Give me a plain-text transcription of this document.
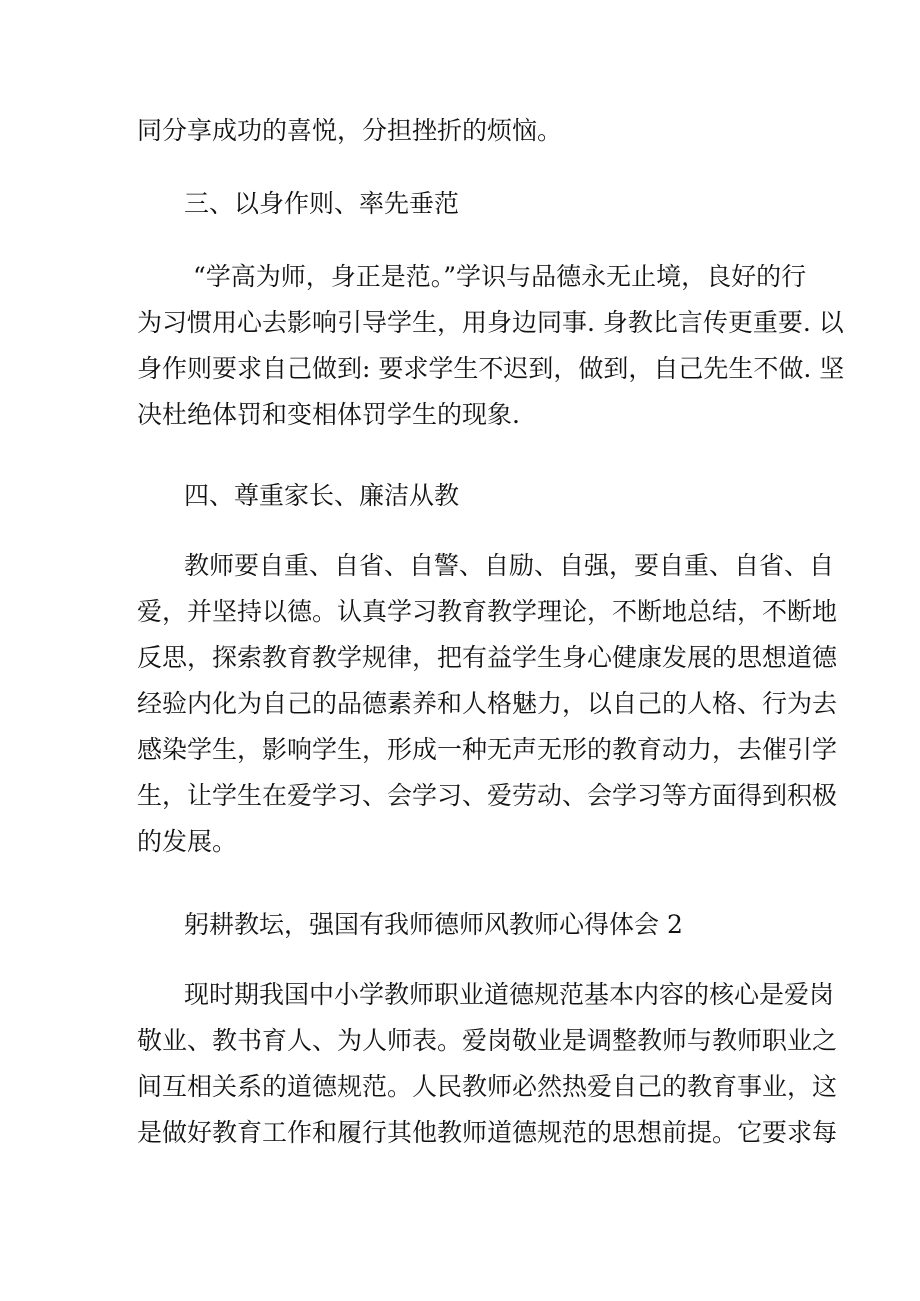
同分享成功的喜悦，分担挫折的烦恼。

三、以身作则、率先垂范

“学高为师，身正是范。”学识与品德永无止境，良好的行
为习惯用心去影响引导学生，用身边同事. 身教比言传更重要. 以
身作则要求自己做到: 要求学生不迟到，做到，自己先生不做. 坚
决杜绝体罚和变相体罚学生的现象.

四、尊重家长、廉洁从教

教师要自重、自省、自警、自励、自强，要自重、自省、自
爱，并坚持以德。认真学习教育教学理论，不断地总结，不断地
反思，探索教育教学规律，把有益学生身心健康发展的思想道德
经验内化为自己的品德素养和人格魅力，以自己的人格、行为去
感染学生，影响学生，形成一种无声无形的教育动力，去催引学
生，让学生在爱学习、会学习、爱劳动、会学习等方面得到积极
的发展。

躬耕教坛，强国有我师德师风教师心得体会 2

现时期我国中小学教师职业道德规范基本内容的核心是爱岗
敬业、教书育人、为人师表。爱岗敬业是调整教师与教师职业之
间互相关系的道德规范。人民教师必然热爱自己的教育事业，这
是做好教育工作和履行其他教师道德规范的思想前提。它要求每
